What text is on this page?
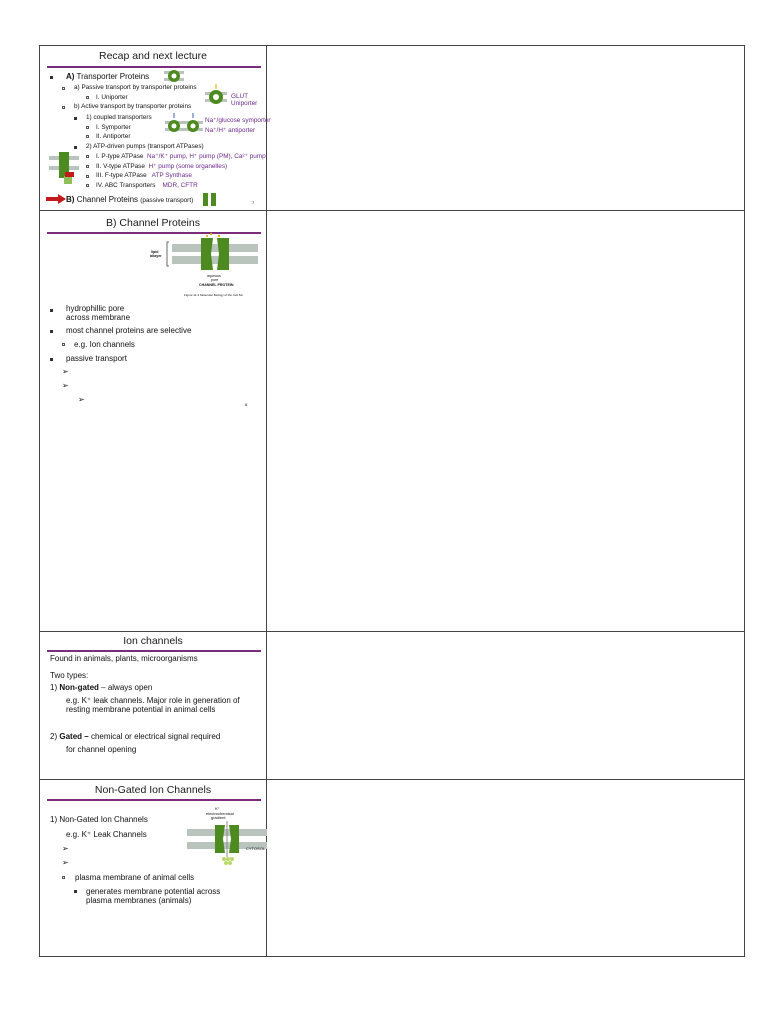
Recap and next lecture
A) Transporter Proteins
a) Passive transport by transporter proteins
I. Uniporter
b) Active transport by transporter proteins
1) coupled transporters
I. Symporter
II. Antiporter
2) ATP-driven pumps (transport ATPases)
I. P-type ATPase Na⁺/K⁺ pump, H⁺ pump (PM), Ca²⁺ pump
II. V-type ATPase H⁺ pump (some organelles)
III. F-type ATPase ATP Synthase
IV. ABC Transporters MDR, CFTR
GLUT
Uniporter
Na⁺/glucose symporter
Na⁺/H⁺ antiporter
B) Channel Proteins (passive transport)	7
B) Channel Proteins
lipid
bilayer
aqueous
pore
CHANNEL PROTEIN
Figure 11-3 Molecular Biology of the Cell 5/e
hydrophillic pore
across membrane
most channel proteins are selective
e.g. Ion channels
passive transport
➢
➢
➢
8
Ion channels
Found in animals, plants, microorganisms
Two types:
1) Non-gated – always open
e.g. K⁺ leak channels. Major role in generation of
resting membrane potential in animal cells
2) Gated – chemical or electrical signal required
for channel opening
Non-Gated Ion Channels
K⁺
electrochemical
gradient
CYTOSOL
1) Non-Gated Ion Channels
e.g. K⁺ Leak Channels
➢
➢
plasma membrane of animal cells
generates membrane potential across
plasma membranes (animals)
